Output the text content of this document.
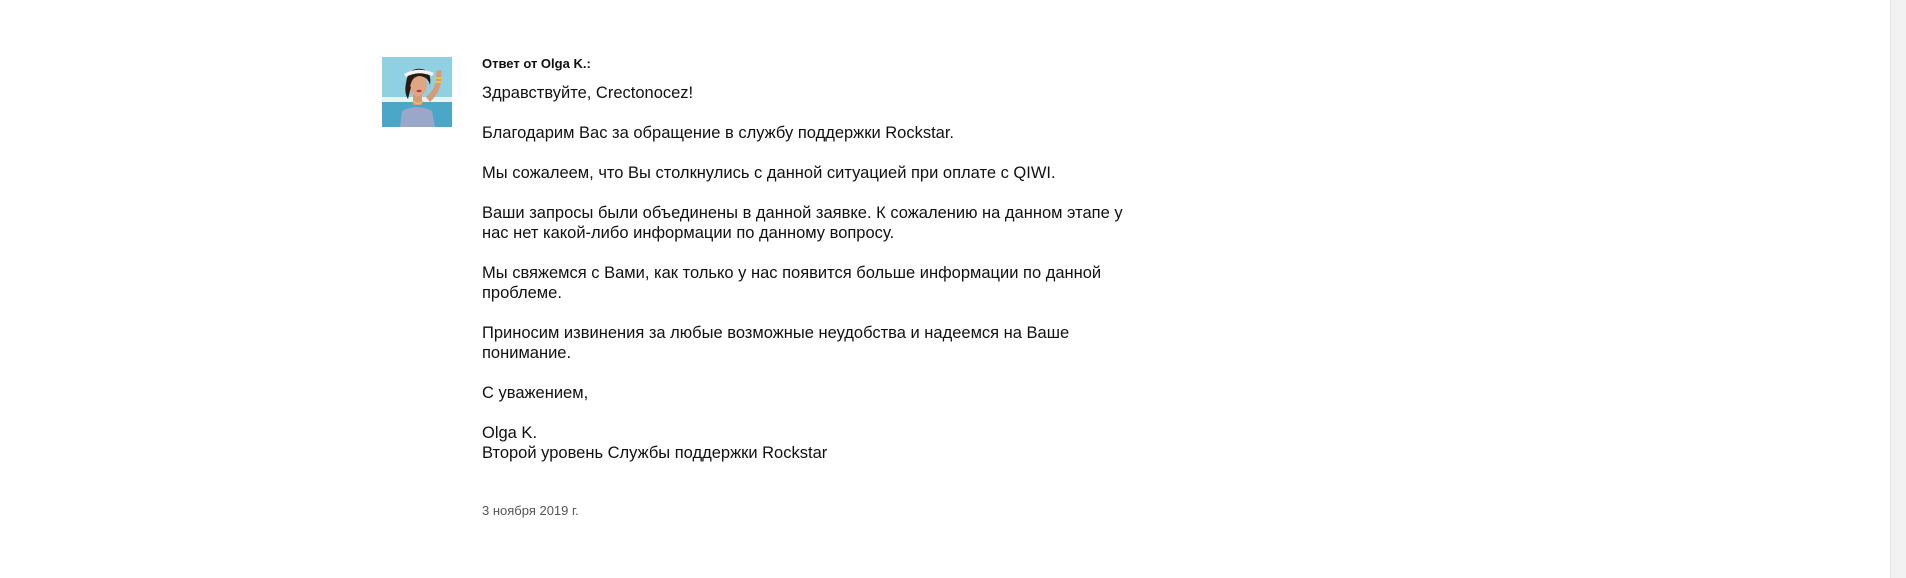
Ответ от Olga K.:

Здравствуйте, Crectonocez!

Благодарим Вас за обращение в службу поддержки Rockstar.

Мы сожалеем, что Вы столкнулись с данной ситуацией при оплате с QIWI.

Ваши запросы были объединены в данной заявке. К сожалению на данном этапе у нас нет какой-либо информации по данному вопросу.

Мы свяжемся с Вами, как только у нас появится больше информации по данной проблеме.

Приносим извинения за любые возможные неудобства и надеемся на Ваше понимание.

С уважением,

Olga K.

Второй уровень Службы поддержки Rockstar

3 ноября 2019 г.
